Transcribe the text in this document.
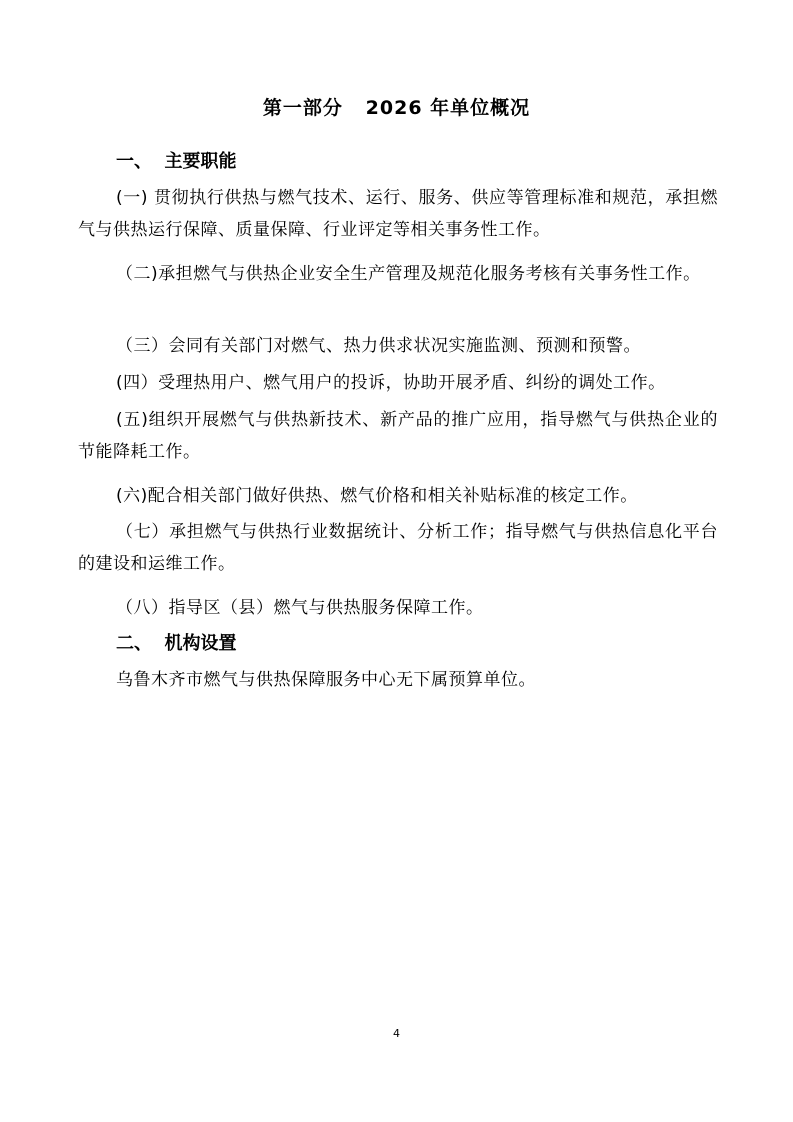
第一部分   2026 年单位概况
一、  主要职能
(一) 贯彻执行供热与燃气技术、运行、服务、供应等管理标准和规范，承担燃气与供热运行保障、质量保障、行业评定等相关事务性工作。
（二)承担燃气与供热企业安全生产管理及规范化服务考核有关事务性工作。
（三）会同有关部门对燃气、热力供求状况实施监测、预测和预警。
(四）受理热用户、燃气用户的投诉，协助开展矛盾、纠纷的调处工作。
(五)组织开展燃气与供热新技术、新产品的推广应用，指导燃气与供热企业的节能降耗工作。
(六)配合相关部门做好供热、燃气价格和相关补贴标准的核定工作。
（七）承担燃气与供热行业数据统计、分析工作；指导燃气与供热信息化平台的建设和运维工作。
（八）指导区（县）燃气与供热服务保障工作。
二、  机构设置
乌鲁木齐市燃气与供热保障服务中心无下属预算单位。
4
